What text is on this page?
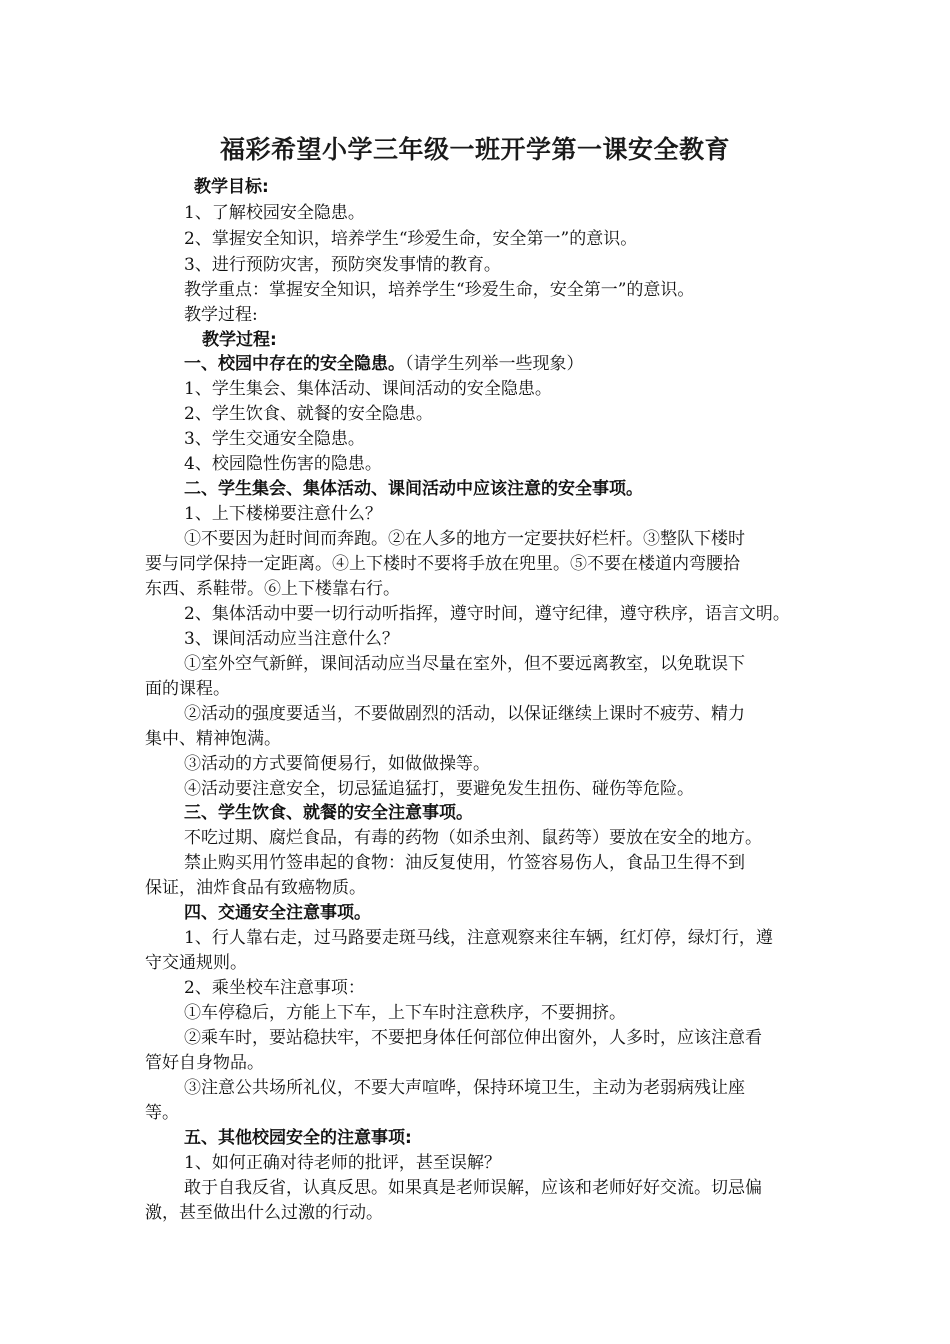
福彩希望小学三年级一班开学第一课安全教育
教学目标:
1、了解校园安全隐患。
2、掌握安全知识，培养学生“珍爱生命，安全第一”的意识。
3、进行预防灾害，预防突发事情的教育。
教学重点：掌握安全知识，培养学生“珍爱生命，安全第一”的意识。
教学过程:
教学过程:
一、校园中存在的安全隐患。（请学生列举一些现象）
1、学生集会、集体活动、课间活动的安全隐患。
2、学生饮食、就餐的安全隐患。
3、学生交通安全隐患。
4、校园隐性伤害的隐患。
二、学生集会、集体活动、课间活动中应该注意的安全事项。
1、上下楼梯要注意什么？
①不要因为赶时间而奔跑。②在人多的地方一定要扶好栏杆。③整队下楼时
要与同学保持一定距离。④上下楼时不要将手放在兜里。⑤不要在楼道内弯腰拾
东西、系鞋带。⑥上下楼靠右行。
2、集体活动中要一切行动听指挥，遵守时间，遵守纪律，遵守秩序，语言文明。
3、课间活动应当注意什么？
①室外空气新鲜，课间活动应当尽量在室外，但不要远离教室，以免耽误下
面的课程。
②活动的强度要适当，不要做剧烈的活动，以保证继续上课时不疲劳、精力
集中、精神饱满。
③活动的方式要简便易行，如做做操等。
④活动要注意安全，切忌猛追猛打，要避免发生扭伤、碰伤等危险。
三、学生饮食、就餐的安全注意事项。
不吃过期、腐烂食品，有毒的药物（如杀虫剂、鼠药等）要放在安全的地方。
禁止购买用竹签串起的食物：油反复使用，竹签容易伤人，食品卫生得不到
保证，油炸食品有致癌物质。
四、交通安全注意事项。
1、行人靠右走，过马路要走斑马线，注意观察来往车辆，红灯停，绿灯行，遵
守交通规则。
2、乘坐校车注意事项：
①车停稳后，方能上下车，上下车时注意秩序，不要拥挤。
②乘车时，要站稳扶牢，不要把身体任何部位伸出窗外，人多时，应该注意看
管好自身物品。
③注意公共场所礼仪，不要大声喧哗，保持环境卫生，主动为老弱病残让座
等。
五、其他校园安全的注意事项:
1、如何正确对待老师的批评，甚至误解？
敢于自我反省，认真反思。如果真是老师误解，应该和老师好好交流。切忌偏
激，甚至做出什么过激的行动。
